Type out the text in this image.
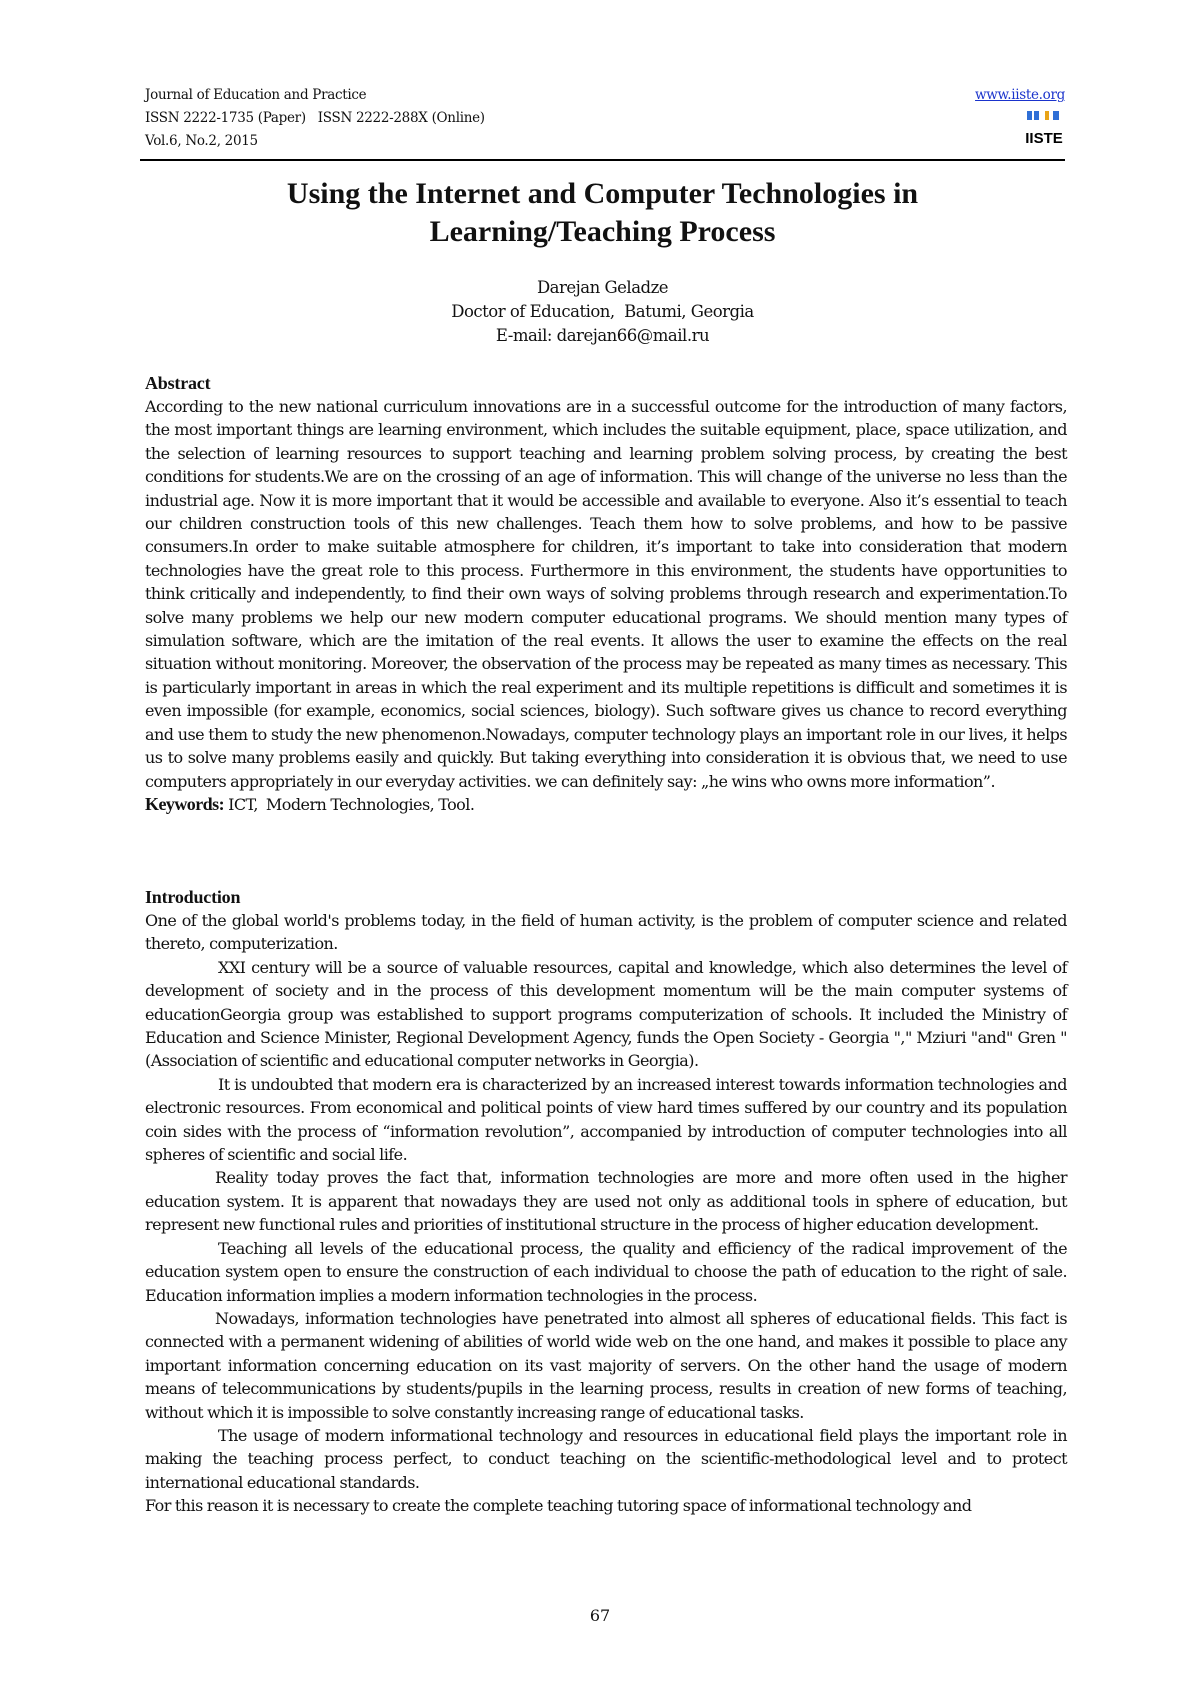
Journal of Education and Practice
ISSN 2222-1735 (Paper)   ISSN 2222-288X (Online)
Vol.6, No.2, 2015
www.iiste.org
IISTE
Using the Internet and Computer Technologies in
Learning/Teaching Process
Darejan Geladze
Doctor of Education,  Batumi, Georgia
E-mail: darejan66@mail.ru
Abstract

According to the new national curriculum innovations are in a successful outcome for the introduction of many factors, the most important things are learning environment, which includes the suitable equipment, place, space utilization, and the selection of learning resources to support teaching and learning problem solving process, by creating the best conditions for students.We are on the crossing of an age of information. This will change of the universe no less than the industrial age. Now it is more important that it would be accessible and available to everyone. Also it’s essential to teach our children construction tools of this new challenges. Teach them how to solve problems, and how to be passive consumers.In order to make suitable atmosphere for children, it’s important to take into consideration that modern technologies have the great role to this process. Furthermore in this environment, the students have opportunities to think critically and independently, to find their own ways of solving problems through research and experimentation.To solve many problems we help our new modern computer educational programs. We should mention many types of simulation software, which are the imitation of the real events. It allows the user to examine the effects on the real situation without monitoring. Moreover, the observation of the process may be repeated as many times as necessary. This is particularly important in areas in which the real experiment and its multiple repetitions is difficult and sometimes it is even impossible (for example, economics, social sciences, biology). Such software gives us chance to record everything and use them to study the new phenomenon.Nowadays, computer technology plays an important role in our lives, it helps us to solve many problems easily and quickly. But taking everything into consideration it is obvious that, we need to use computers appropriately in our everyday activities. we can definitely say: „he wins who owns more information”.

Keywords: ICT,  Modern Technologies, Tool.

Introduction

One of the global world's problems today, in the field of human activity, is the problem of computer science and related thereto, computerization.

XXI century will be a source of valuable resources, capital and knowledge, which also determines the level of development of society and in the process of this development momentum will be the main computer systems of educationGeorgia group was established to support programs computerization of schools. It included the Ministry of Education and Science Minister, Regional Development Agency, funds the Open Society - Georgia "," Mziuri "and" Gren "(Association of scientific and educational computer networks in Georgia).

It is undoubted that modern era is characterized by an increased interest towards information technologies and electronic resources. From economical and political points of view hard times suffered by our country and its population coin sides with the process of “information revolution”, accompanied by introduction of computer technologies into all spheres of scientific and social life.

Reality today proves the fact that, information technologies are more and more often used in the higher education system. It is apparent that nowadays they are used not only as additional tools in sphere of education, but represent new functional rules and priorities of institutional structure in the process of higher education development.

Teaching all levels of the educational process, the quality and efficiency of the radical improvement of the education system open to ensure the construction of each individual to choose the path of education to the right of sale. Education information implies a modern information technologies in the process.

Nowadays, information technologies have penetrated into almost all spheres of educational fields. This fact is connected with a permanent widening of abilities of world wide web on the one hand, and makes it possible to place any important information concerning education on its vast majority of servers. On the other hand the usage of modern means of telecommunications by students/pupils in the learning process, results in creation of new forms of teaching, without which it is impossible to solve constantly increasing range of educational tasks.

The usage of modern informational technology and resources in educational field plays the important role in making the teaching process perfect, to conduct teaching on the scientific-methodological level and to protect international educational standards.

For this reason it is necessary to create the complete teaching tutoring space of informational technology and

67
